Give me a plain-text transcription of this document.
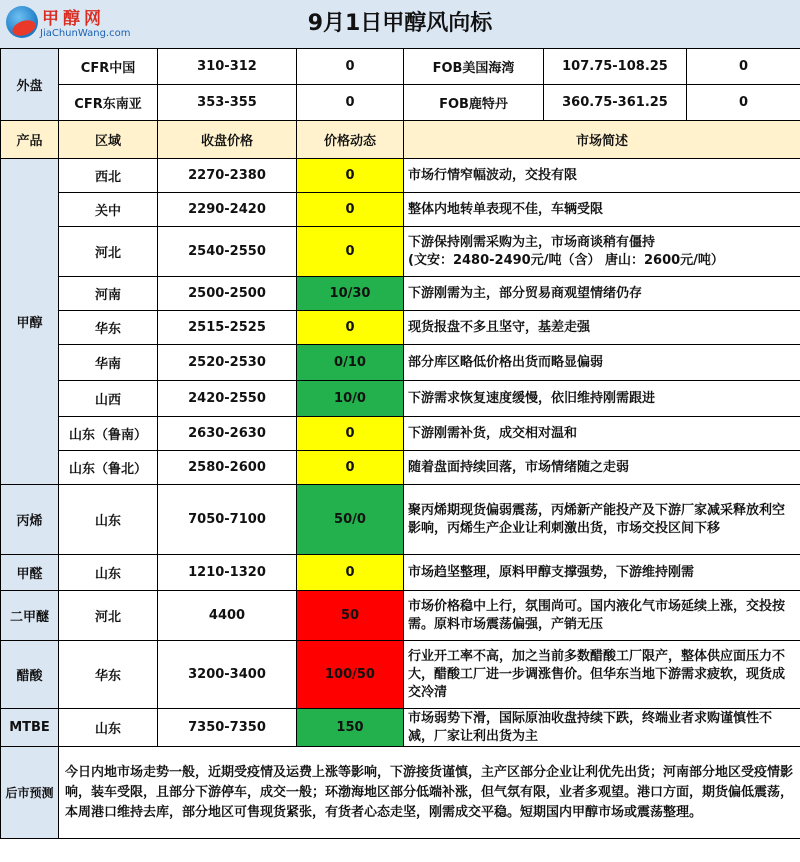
甲醇网
JiaChunWang.com	9月1日甲醇风向标
外盘	CFR中国	310-312	0	FOB美国海湾	107.75-108.25	0
	CFR东南亚	353-355	0	FOB鹿特丹	360.75-361.25	0
产品	区域	收盘价格	价格动态	市场简述		
甲醇	西北	2270-2380	0	市场行情窄幅波动，交投有限		
	关中	2290-2420	0	整体内地转单表现不佳，车辆受限		
	河北	2540-2550	0	下游保持刚需采购为主，市场商谈稍有僵持
(文安：2480-2490元/吨（含） 唐山：2600元/吨）		
	河南	2500-2500	10/30	下游刚需为主，部分贸易商观望情绪仍存		
	华东	2515-2525	0	现货报盘不多且坚守，基差走强		
	华南	2520-2530	0/10	部分库区略低价格出货而略显偏弱		
	山西	2420-2550	10/0	下游需求恢复速度缓慢，依旧维持刚需跟进		
	山东（鲁南）	2630-2630	0	下游刚需补货，成交相对温和		
	山东（鲁北）	2580-2600	0	随着盘面持续回落，市场情绪随之走弱		
丙烯	山东	7050-7100	50/0	聚丙烯期现货偏弱震荡，丙烯新产能投产及下游厂家减采释放利空影响，丙烯生产企业让利刺激出货，市场交投区间下移		
甲醛	山东	1210-1320	0	市场趋坚整理，原料甲醇支撑强势，下游维持刚需		
二甲醚	河北	4400	50	市场价格稳中上行，氛围尚可。国内液化气市场延续上涨，交投按需。原料市场震荡偏强，产销无压		
醋酸	华东	3200-3400	100/50	行业开工率不高，加之当前多数醋酸工厂限产，整体供应面压力不大，醋酸工厂进一步调涨售价。但华东当地下游需求疲软，现货成交冷清		
MTBE	山东	7350-7350	150	市场弱势下滑，国际原油收盘持续下跌，终端业者求购谨慎性不减，厂家让利出货为主		
后市预测	今日内地市场走势一般，近期受疫情及运费上涨等影响，下游接货谨慎，主产区部分企业让利优先出货；河南部分地区受疫情影响，装车受限，且部分下游停车，成交一般；环渤海地区部分低端补涨，但气氛有限，业者多观望。港口方面，期货偏低震荡，本周港口维持去库，部分地区可售现货紧张，有货者心态走坚，刚需成交平稳。短期国内甲醇市场或震荡整理。					
